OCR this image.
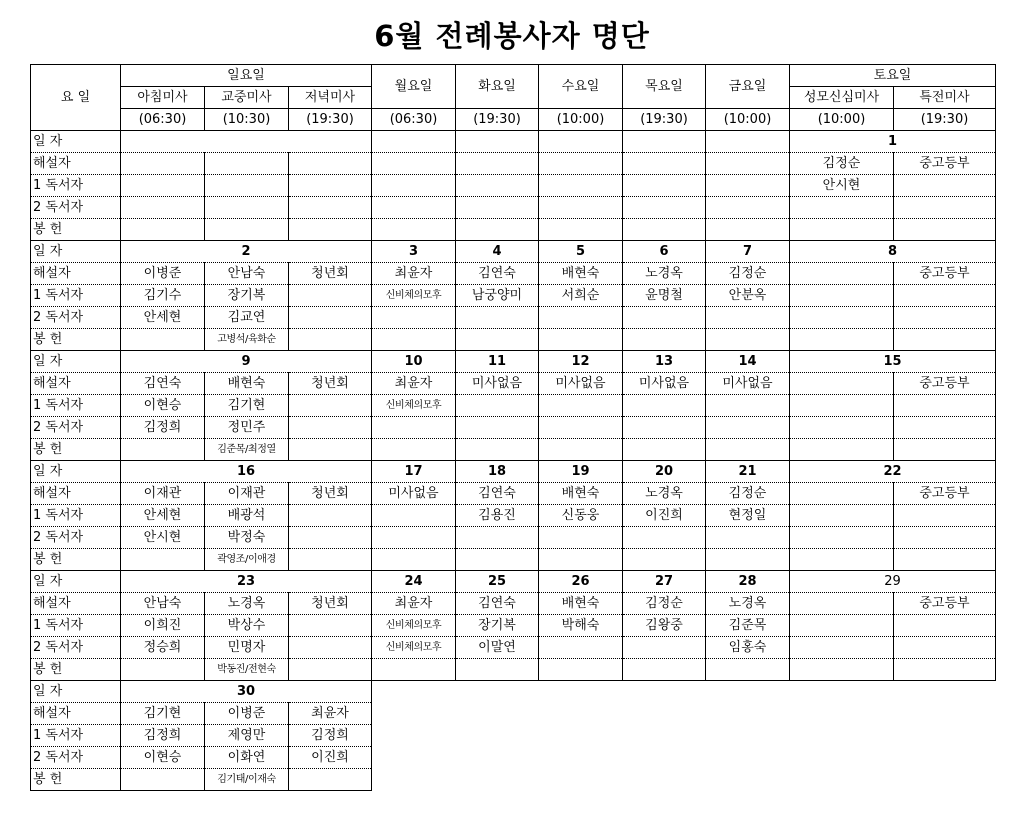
6월 전례봉사자 명단
요 일	일요일			월요일	화요일	수요일	목요일	금요일	토요일	
	아침미사	교중미사	저녁미사						성모신심미사	특전미사
	(06:30)	(10:30)	(19:30)	(06:30)	(19:30)	(10:00)	(19:30)	(10:00)	(10:00)	(19:30)
일 자									1	
해설자									김정순	중고등부
1 독서자									안시현	
2 독서자										
봉 헌										
일 자	2			3	4	5	6	7	8	
해설자	이병준	안남숙	청년회	최윤자	김연숙	배현숙	노경옥	김정순		중고등부
1 독서자	김기수	장기복		신비체의모후	남궁양미	서희순	윤명철	안분옥		
2 독서자	안세현	김교연								
봉 헌		고병석/육화순								
일 자	9			10	11	12	13	14	15	
해설자	김연숙	배현숙	청년회	최윤자	미사없음	미사없음	미사없음	미사없음		중고등부
1 독서자	이현승	김기현		신비체의모후						
2 독서자	김정희	정민주								
봉 헌		김준목/최정열								
일 자	16			17	18	19	20	21	22	
해설자	이재관	이재관	청년회	미사없음	김연숙	배현숙	노경옥	김정순		중고등부
1 독서자	안세현	배광석			김용진	신동웅	이진희	현정일		
2 독서자	안시현	박정숙								
봉 헌		곽영조/이애경								
일 자	23			24	25	26	27	28	29	
해설자	안남숙	노경옥	청년회	최윤자	김연숙	배현숙	김정순	노경옥		중고등부
1 독서자	이희진	박상수		신비체의모후	장기복	박해숙	김왕중	김준목		
2 독서자	정승희	민명자		신비체의모후	이말연			임홍숙		
봉 헌		박동진/전현숙								
일 자	30									
해설자	김기현	이병준	최윤자							
1 독서자	김정희	제영만	김정희							
2 독서자	이현승	이화연	이진희							
봉 헌		김기태/이재숙								
